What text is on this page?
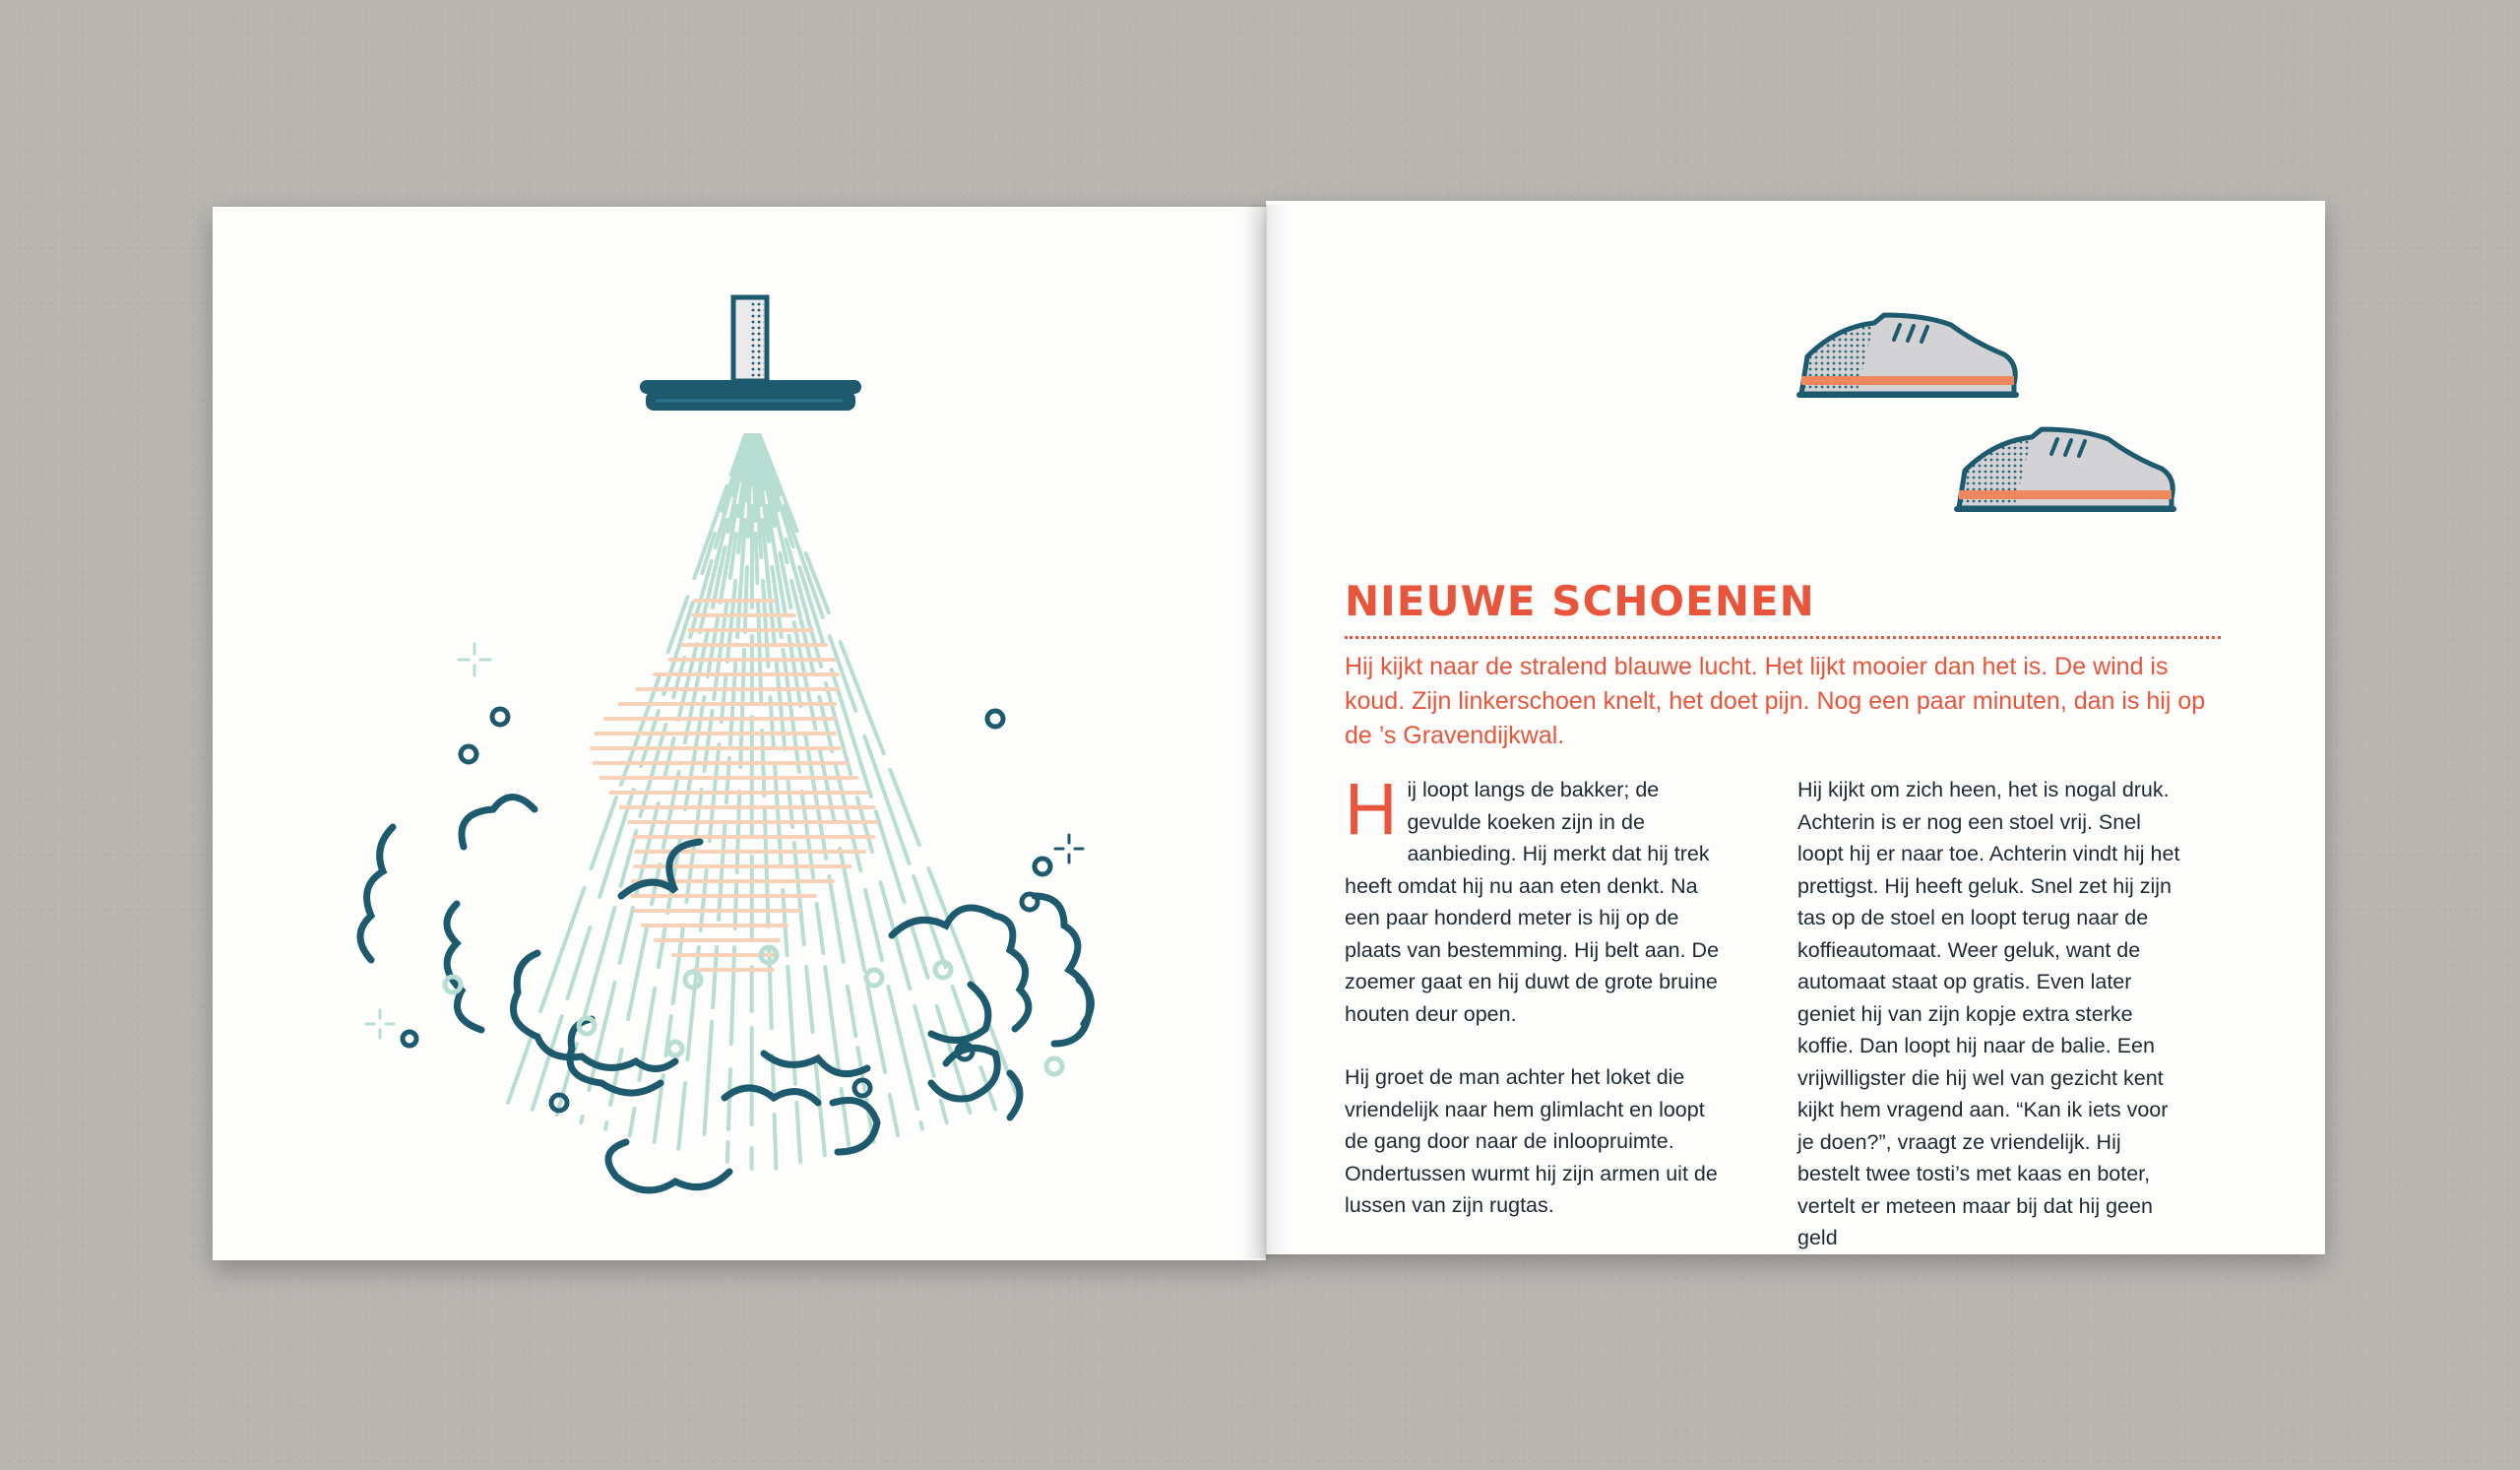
NIEUWE SCHOENEN

Hij kijkt naar de stralend blauwe lucht. Het lijkt mooier dan het is. De wind is koud. Zijn linkerschoen knelt, het doet pijn. Nog een paar minuten, dan is hij op de ’s Gravendijkwal.

Hij loopt langs de bakker; de gevulde koeken zijn in de aanbieding. Hij merkt dat hij trek heeft omdat hij nu aan eten denkt. Na een paar honderd meter is hij op de plaats van bestemming. Hij belt aan. De zoemer gaat en hij duwt de grote bruine houten deur open.

Hij groet de man achter het loket die vriendelijk naar hem glimlacht en loopt de gang door naar de inloopruimte. Ondertussen wurmt hij zijn armen uit de lussen van zijn rugtas.

Hij kijkt om zich heen, het is nogal druk. Achterin is er nog een stoel vrij. Snel loopt hij er naar toe. Achterin vindt hij het prettigst. Hij heeft geluk. Snel zet hij zijn tas op de stoel en loopt terug naar de koffieautomaat. Weer geluk, want de automaat staat op gratis. Even later geniet hij van zijn kopje extra sterke koffie. Dan loopt hij naar de balie. Een vrijwilligster die hij wel van gezicht kent kijkt hem vragend aan. “Kan ik iets voor je doen?”, vraagt ze vriendelijk. Hij bestelt twee tosti’s met kaas en boter, vertelt er meteen maar bij dat hij geen geld
